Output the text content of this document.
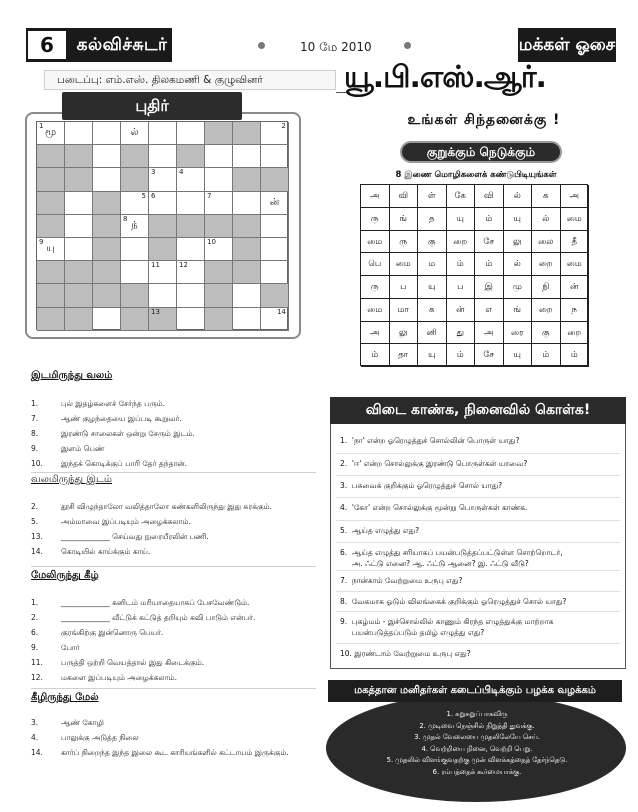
6	கல்விச்சுடர்	10 மே 2010	மக்கள் ஓசை
படைப்பு: எம்.எஸ். திலகமணி & குழுவினர்	யூ.பி.எஸ்.ஆர்.
புதிர்
1
மூ	ல்
2
3	4
5 6	7
ன்
8
ந்
9
யு
10
11	12
13	14
இடமிருந்து வலம்
1.	புல் இதழ்களைச் சேர்ந்த பரும்.
7.	ஆண் குழந்தையை இப்படி கூறுவர்.
8.	இரண்டு சாலைகள் ஒன்று சேரும் இடம்.
9.	இளம் பெண்
10. இந்தக் கொடிக்குப் பாரி தேர் தந்தான்.
வலமிருந்து இடம்
2.	தூசி விழுந்தாலோ வலித்தாலோ கண்களிலிருந்து இது சுரக்கும்.
5.	அம்மாவை இப்படியும் அழைக்கலாம்.
13. _____________ செய்வது நுரையீரலின் பணி.
14. கொடியில் காய்க்கும் காய்.
மேலிருந்து கீழ்
1.	_____________ கனிடம் மரியாதையாகப் பேசவேண்டும்.
2.	_____________ வீட்டுக் கட்டுத் தறியும் கவி பாடும் என்பர்.
6.	குரங்கிற்கு இன்னொரு பெயர்.
9.	போர்
11. பருத்தி ஒற்றி வெயத்தால் இது கிடைக்கும்.
12. மகளை இப்படியும் அழைக்கலாம்.
கீழிருந்து மேல்
3.	ஆண் கோழி
4.	பாலுக்கு அடுத்த நிலை
14. கார்ப் நிறைந்த இந்த இலை கூட காரியங்களில் கட்டாயம் இருக்கும்.
உங்கள் சிந்தனைக்கு !
குறுக்கும் நெடுக்கும்
8 இணை மொழிகளைக் கண்டுபிடியுங்கள்
அ	வி	ள்	கே	வி	ல்	க	அ
ரு	ங்	த	யு	ம்	யு	ல்	மை
மை	ரு	கு	றை	சே	லு	லை	தீ
பெ	மை	ம	ம்	ம்	ல்	றை	மை
ரு	ப	யு	ப	இ	மு	நி	ன்
மை	மா	க	ன்	எ	ங்	றை	ந
அ	லு	னி	து	அ	ரை	கு	றை
ம்	தா	யு	ம்	சே	யு	ம்	ம்
விடை காண்க, நினைவில் கொள்க!
1.  'நா' என்ற ஓரெழுத்துச் சொல்லின் பொருள் யாது?
2.  'ஈ' என்ற சொல்லுக்கு இரண்டு பொருள்கள் யாவை?
3.  பசுவைக் குறிக்கும் ஓரெழுத்துச் சொல் யாது?
4.  'கோ' என்ற சொல்லுக்கு மூன்று பொருள்கள் காண்க.
5.  ஆய்த எழுத்து எது?
6.  ஆய்த எழுத்து சரியாகப் பயன்படுத்தப்பட்டுள்ள சொற்றொடர்,
அ. ஃட்டு எனை? ஆ. ஃட்டு ஆனை? இ. ஃட்டு வீடு?
7.  நான்காம் வேற்றுமை உருபு எது?
8.  வேகமாக ஓடும் விலங்கைக் குறிக்கும் ஓரெழுத்துச் சொல் யாது?
9.  புகழ்மம் - இச்சொல்லில் காணும் கிரந்த எழுத்துக்கு மாற்றாக
பயன்படுத்தப்படும் தமிழ் எழுத்து எது?
10. இரண்டாம் வேற்றுமை உருபு எது?
மகத்தான மனிதர்கள் கடைப்பிடிக்கும் பழக்க வழக்கம்
1. சுறுசுறுப்பாகவிரு
2. முடிவை நெஞ்சில் நிறுத்தி துவக்கு.
3. முதல் வேலையை முதலிலேயே செய்.
4. வெற்றியை நினை, வெற்றி பெறு.
5. முதலில் விளங்குவதற்கு முன் விளக்கத்தைத் தேர்ந்தெடு.
6. ரம்பத்தைக் கூர்மையாக்கு.
